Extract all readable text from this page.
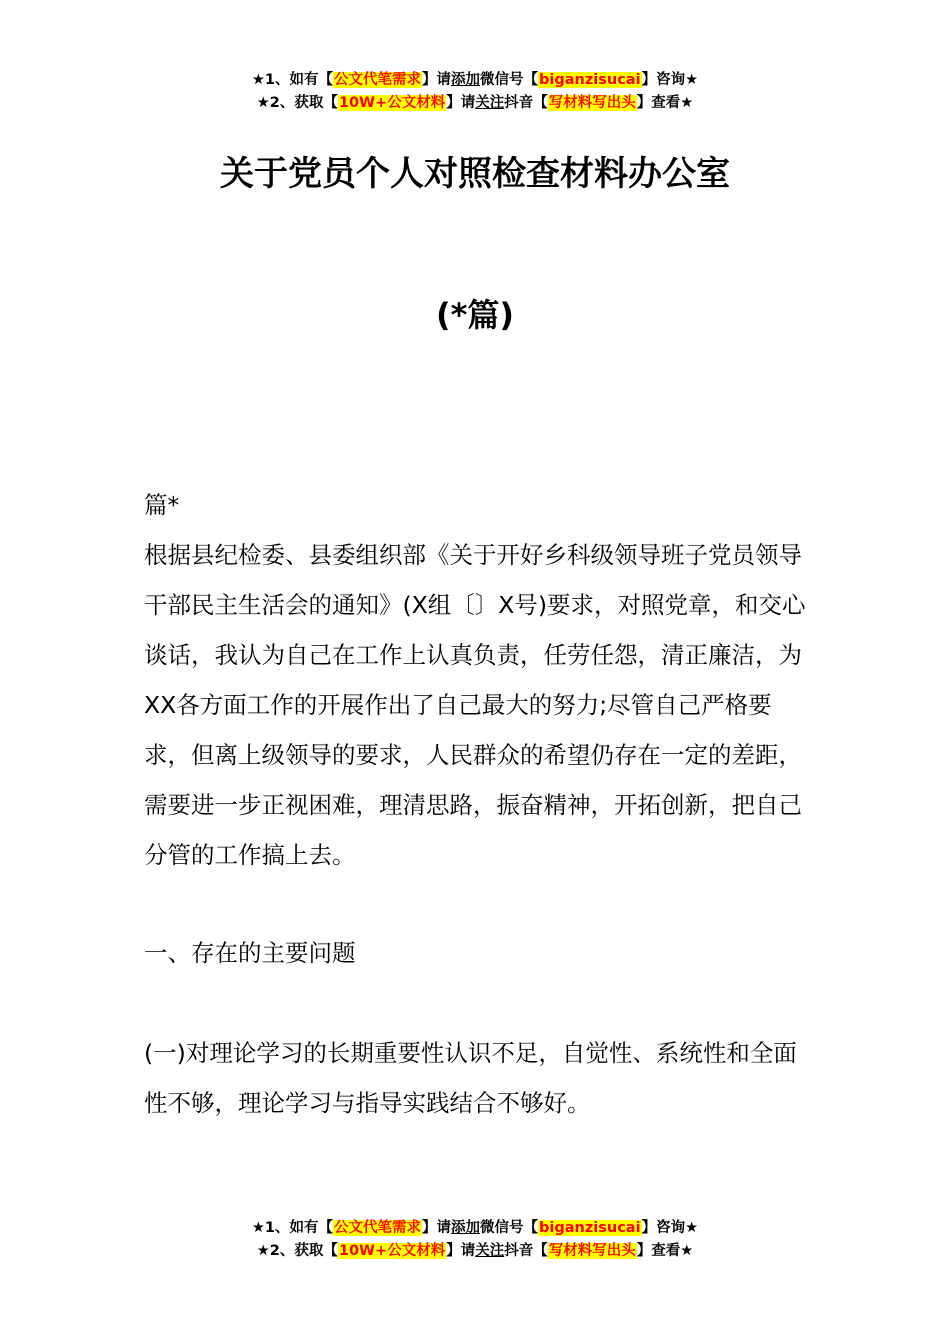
★1、如有【公文代笔需求】请添加微信号【biganzisucai】咨询★
★2、获取【10W+公文材料】请关注抖音【写材料写出头】查看★
关于党员个人对照检查材料办公室
(*篇)

篇*

根据县纪检委、县委组织部《关于开好乡科级领导班子党员领导干部民主生活会的通知》(X组〔〕X号)要求，对照党章，和交心谈话，我认为自己在工作上认真负责，任劳任怨，清正廉洁，为XX各方面工作的开展作出了自己最大的努力;尽管自己严格要求，但离上级领导的要求，人民群众的希望仍存在一定的差距，需要进一步正视困难，理清思路，振奋精神，开拓创新，把自己分管的工作搞上去。

一、存在的主要问题

(一)对理论学习的长期重要性认识不足，自觉性、系统性和全面性不够，理论学习与指导实践结合不够好。

★1、如有【公文代笔需求】请添加微信号【biganzisucai】咨询★
★2、获取【10W+公文材料】请关注抖音【写材料写出头】查看★
